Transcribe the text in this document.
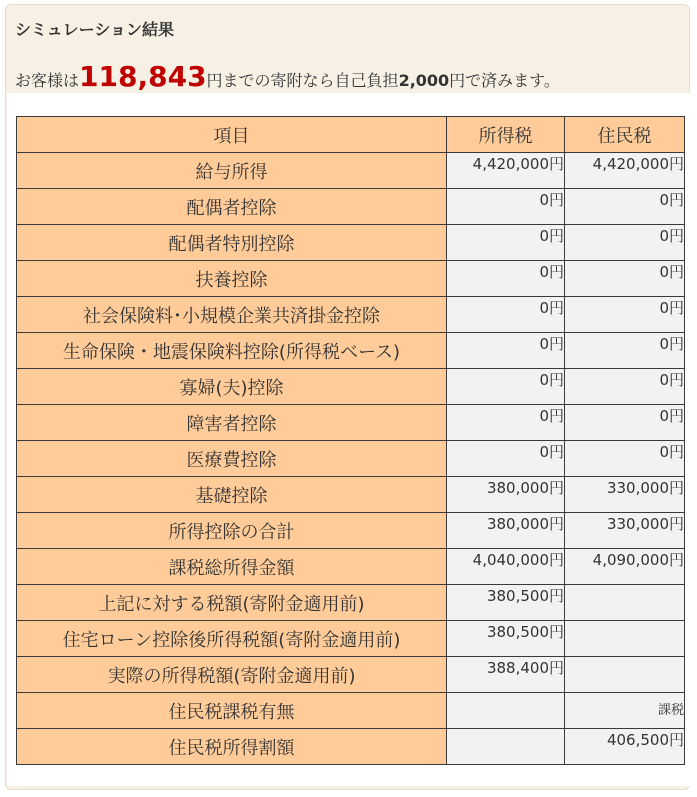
シミュレーション結果
お客様は118,843円までの寄附なら自己負担2,000円で済みます。
項目	所得税	住民税
給与所得	4,420,000円	4,420,000円
配偶者控除	0円	0円
配偶者特別控除	0円	0円
扶養控除	0円	0円
社会保険料･小規模企業共済掛金控除	0円	0円
生命保険・地震保険料控除(所得税ベース)	0円	0円
寡婦(夫)控除	0円	0円
障害者控除	0円	0円
医療費控除	0円	0円
基礎控除	380,000円	330,000円
所得控除の合計	380,000円	330,000円
課税総所得金額	4,040,000円	4,090,000円
上記に対する税額(寄附金適用前)	380,500円	
住宅ローン控除後所得税額(寄附金適用前)	380,500円	
実際の所得税額(寄附金適用前)	388,400円	
住民税課税有無		課税
住民税所得割額		406,500円
